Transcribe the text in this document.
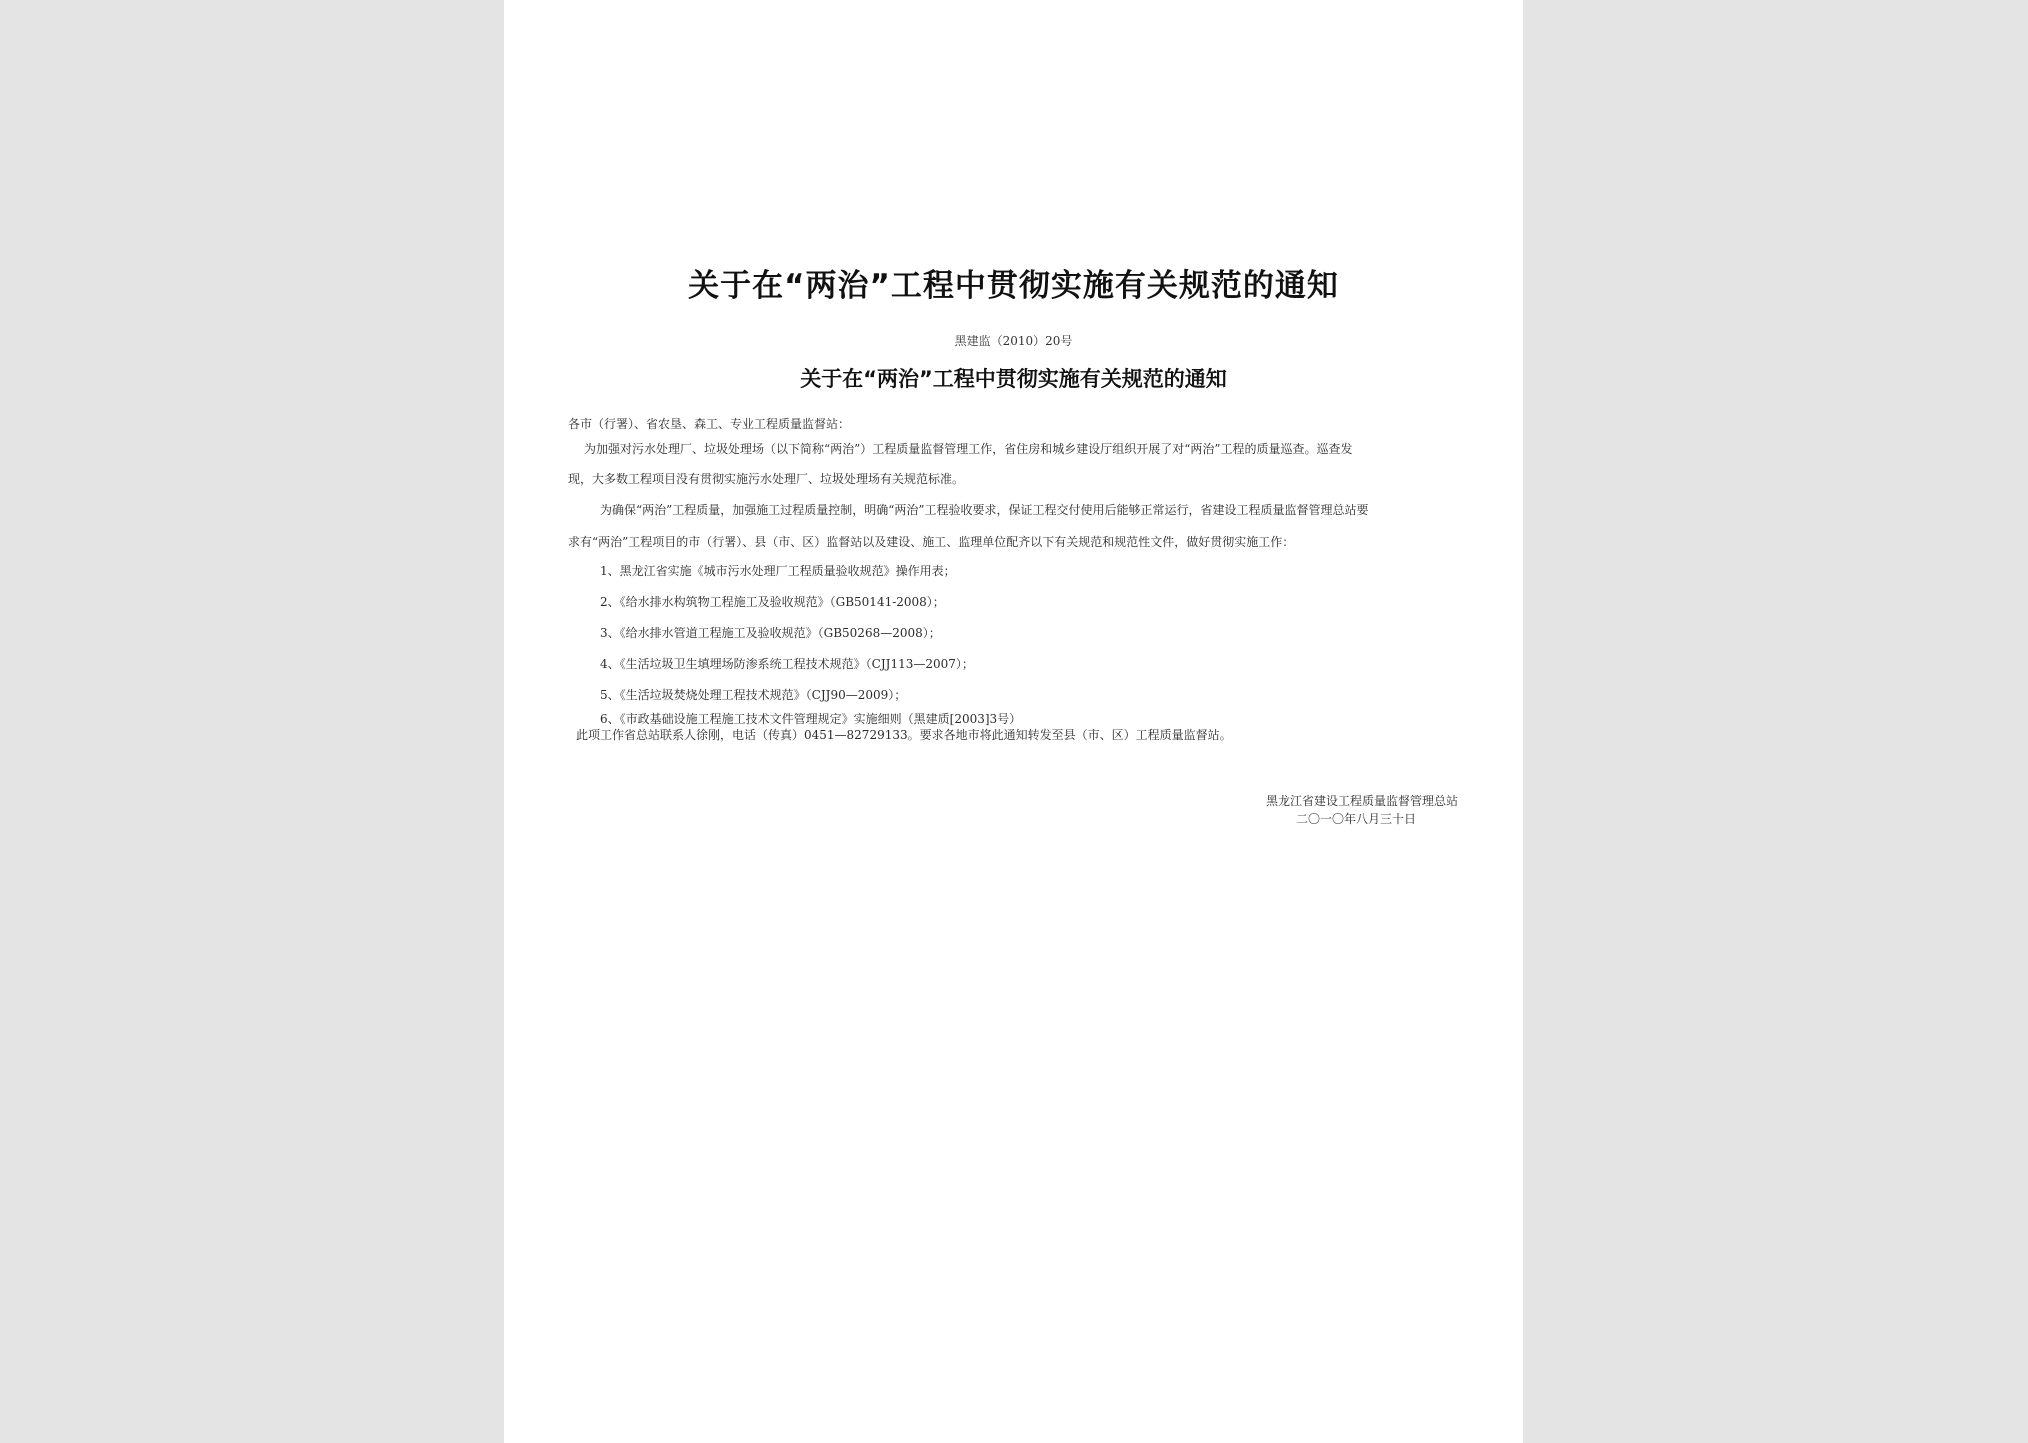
关于在“两治”工程中贯彻实施有关规范的通知
黑建监（2010）20号
关于在“两治”工程中贯彻实施有关规范的通知
各市（行署）、省农垦、森工、专业工程质量监督站：
为加强对污水处理厂、垃圾处理场（以下简称“两治”）工程质量监督管理工作，省住房和城乡建设厅组织开展了对“两治”工程的质量巡查。巡查发
现，大多数工程项目没有贯彻实施污水处理厂、垃圾处理场有关规范标准。
为确保“两治”工程质量，加强施工过程质量控制，明确“两治”工程验收要求，保证工程交付使用后能够正常运行，省建设工程质量监督管理总站要
求有“两治”工程项目的市（行署）、县（市、区）监督站以及建设、施工、监理单位配齐以下有关规范和规范性文件，做好贯彻实施工作：
1、黑龙江省实施《城市污水处理厂工程质量验收规范》操作用表；
2、《给水排水构筑物工程施工及验收规范》（GB50141-2008）；
3、《给水排水管道工程施工及验收规范》（GB50268—2008）；
4、《生活垃圾卫生填埋场防渗系统工程技术规范》（CJJ113—2007）；
5、《生活垃圾焚烧处理工程技术规范》（CJJ90—2009）；
6、《市政基础设施工程施工技术文件管理规定》实施细则（黑建质[2003]3号）
此项工作省总站联系人徐刚，电话（传真）0451—82729133。要求各地市将此通知转发至县（市、区）工程质量监督站。
黑龙江省建设工程质量监督管理总站
二〇一〇年八月三十日
